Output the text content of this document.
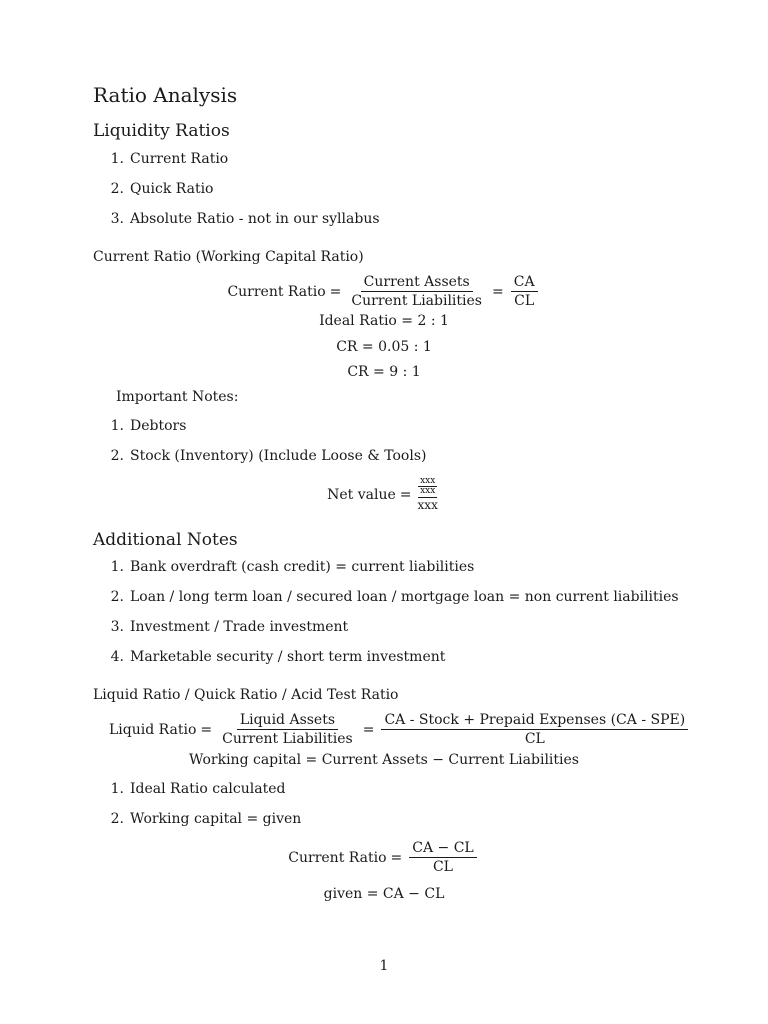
Ratio Analysis
Liquidity Ratios
1. Current Ratio
2. Quick Ratio
3. Absolute Ratio - not in our syllabus
Current Ratio (Working Capital Ratio)
Current Ratio = $\frac{\text{Current Assets}}{\text{Current Liabilities}} = \frac{CA}{CL}$
Ideal Ratio = 2 : 1
CR = 0.05 : 1
CR = 9 : 1
Important Notes:
1. Debtors
2. Stock (Inventory) (Include Loose & Tools)
Net value = $\frac{\frac{\text{xxx}}{\text{xxx}}}{\text{xxx}}$
Additional Notes
1. Bank overdraft (cash credit) = current liabilities
2. Loan / long term loan / secured loan / mortgage loan = non current liabilities
3. Investment / Trade investment
4. Marketable security / short term investment
Liquid Ratio / Quick Ratio / Acid Test Ratio
Liquid Ratio = $\frac{\text{Liquid Assets}}{\text{Current Liabilities}} = \frac{\text{CA - Stock + Prepaid Expenses (CA - SPE)}}{CL}$
Working capital = Current Assets − Current Liabilities
1. Ideal Ratio calculated
2. Working capital = given
Current Ratio = $\frac{CA - CL}{CL}$
given = CA − CL
1
